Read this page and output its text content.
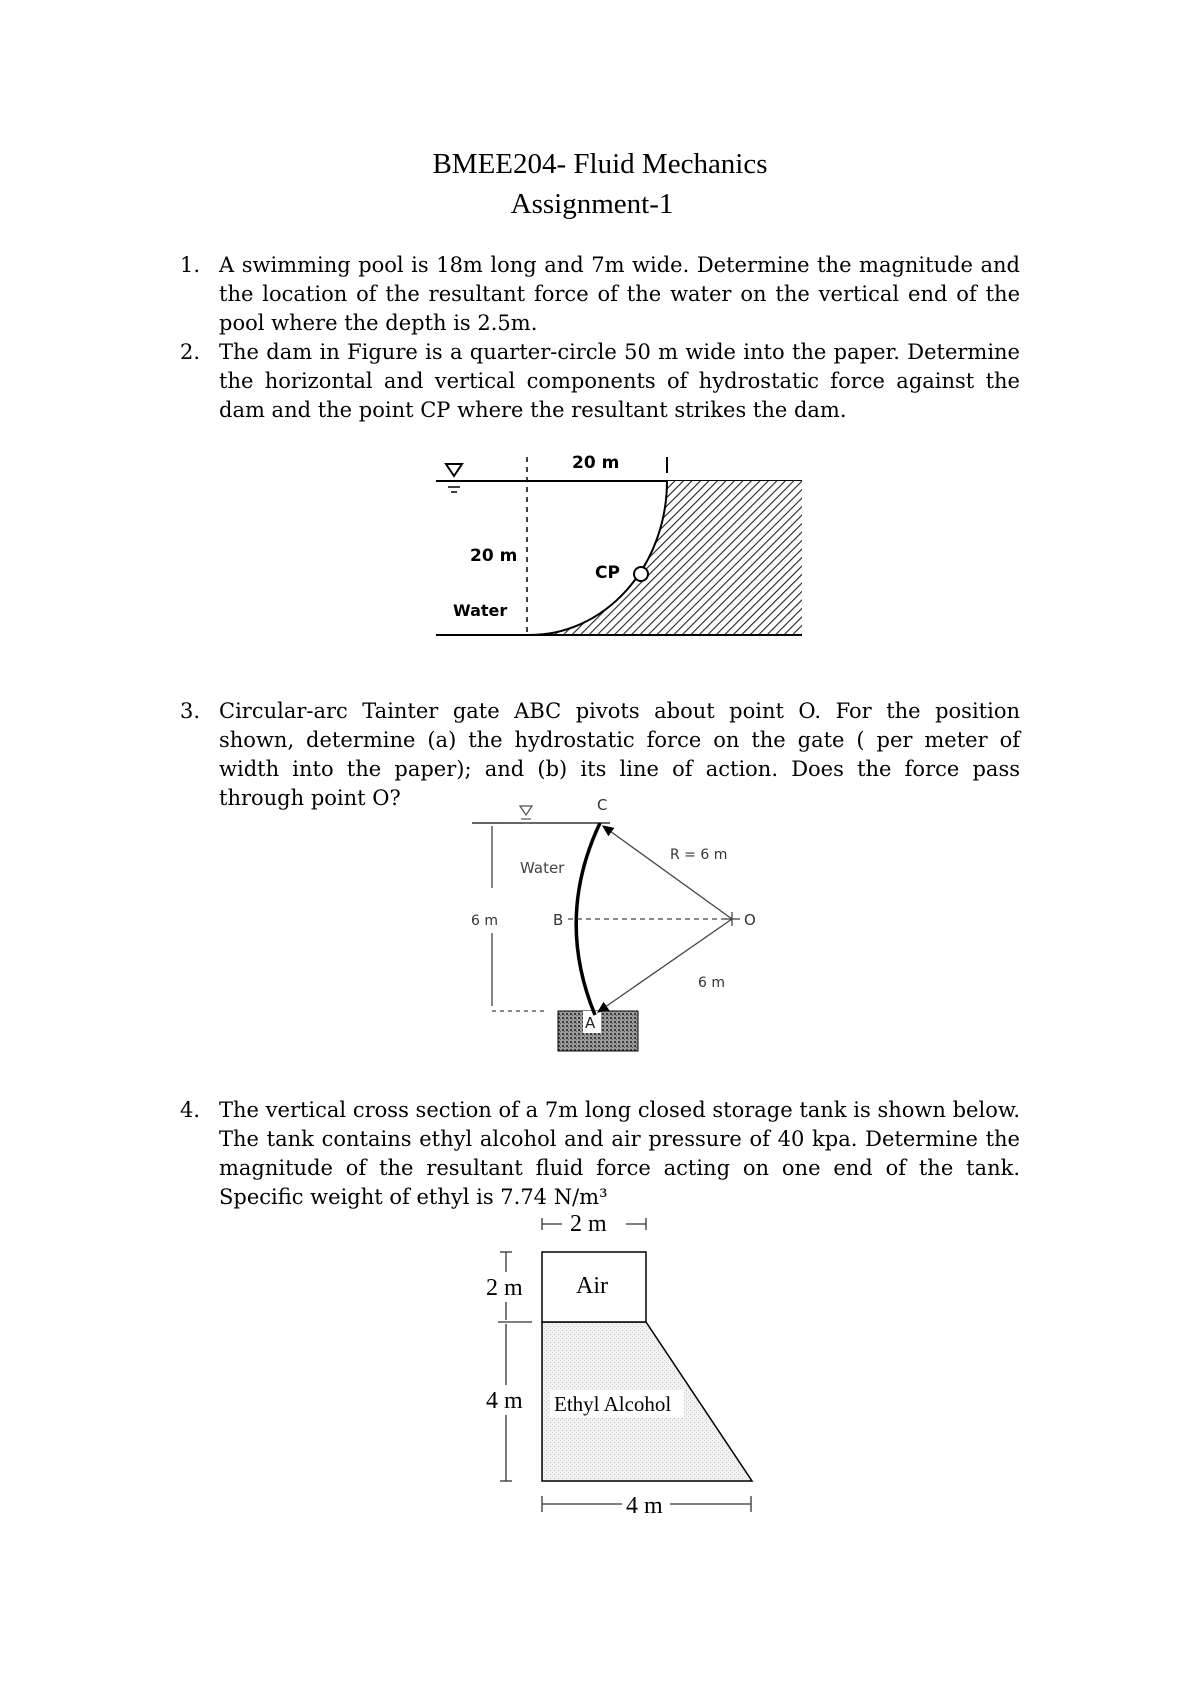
BMEE204- Fluid Mechanics
Assignment-1
1. A swimming pool is 18m long and 7m wide. Determine the magnitude and the location of the resultant force of the water on the vertical end of the pool where the depth is 2.5m.
2. The dam in Figure is a quarter-circle 50 m wide into the paper. Determine the horizontal and vertical components of hydrostatic force against the dam and the point CP where the resultant strikes the dam.
20 m
20 m
CP
Water
3. Circular-arc Tainter gate ABC pivots about point O. For the position shown, determine (a) the hydrostatic force on the gate ( per meter of width into the paper); and (b) its line of action. Does the force pass through point O?	C
R = 6 m
Water
6 m	B	O
6 m
A
4. The vertical cross section of a 7m long closed storage tank is shown below. The tank contains ethyl alcohol and air pressure of 40 kpa. Determine the magnitude of the resultant fluid force acting on one end of the tank. Specific weight of ethyl is 7.74 N/m³
2 m
2 m
4 m
Air
Ethyl Alcohol
4 m
